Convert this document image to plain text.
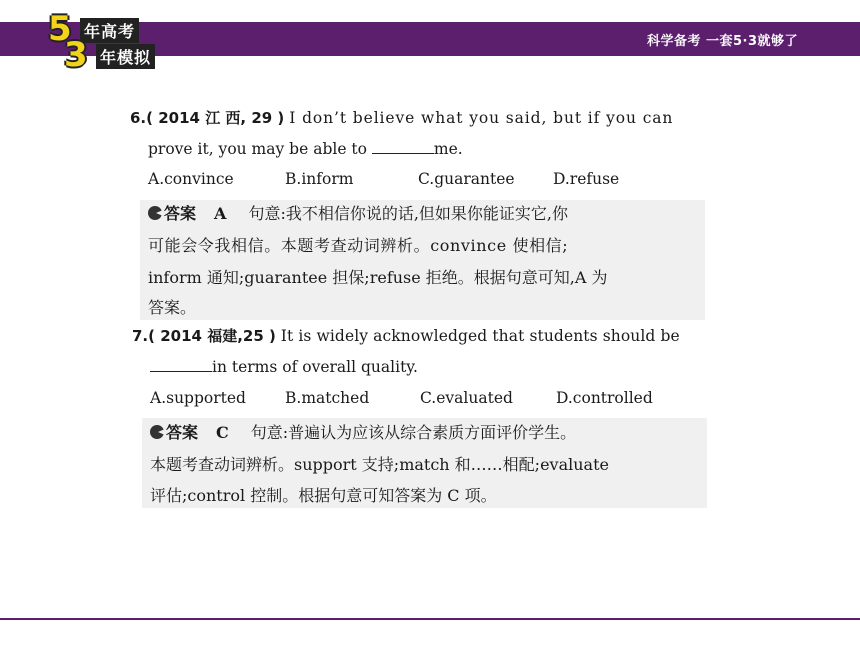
5 年高考
3 年模拟
科学备考 一套5·3就够了
6.( 2014 江 西, 29 ) I don’t believe what you said, but if you can
prove it, you may be able to	me.
A.convince	B.inform	C.guarantee D.refuse
答案 A 句意:我不相信你说的话,但如果你能证实它,你
可能会令我相信。本题考查动词辨析。convince 使相信;
inform 通知;guarantee 担保;refuse 拒绝。根据句意可知,A 为
答案。
7.( 2014 福建,25 ) It is widely acknowledged that students should be
in terms of overall quality.
A.supported	B.matched	C.evaluated	D.controlled
答案 C 句意:普遍认为应该从综合素质方面评价学生。
本题考查动词辨析。support 支持;match 和……相配;evaluate
评估;control 控制。根据句意可知答案为 C 项。
